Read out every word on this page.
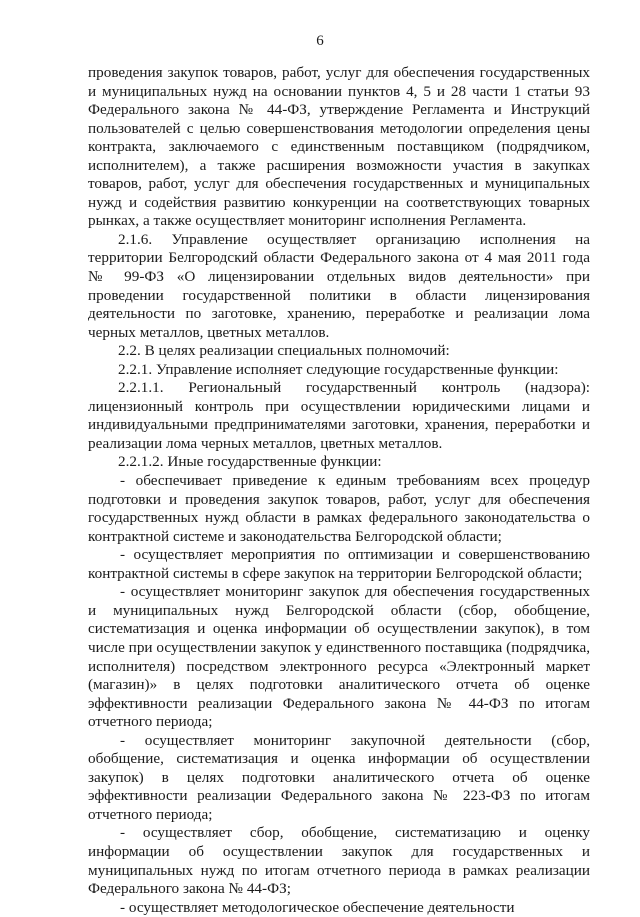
6

проведения закупок товаров, работ, услуг для обеспечения государственных и муниципальных нужд на основании пунктов 4, 5 и 28 части 1 статьи 93 Федерального закона № 44-ФЗ, утверждение Регламента и Инструкций пользователей с целью совершенствования методологии определения цены контракта, заключаемого с единственным поставщиком (подрядчиком, исполнителем), а также расширения возможности участия в закупках товаров, работ, услуг для обеспечения государственных и муниципальных нужд и содействия развитию конкуренции на соответствующих товарных рынках, а также осуществляет мониторинг исполнения Регламента.

2.1.6. Управление осуществляет организацию исполнения на территории Белгородский области Федерального закона от 4 мая 2011 года № 99-ФЗ «О лицензировании отдельных видов деятельности» при проведении государственной политики в области лицензирования деятельности по заготовке, хранению, переработке и реализации лома черных металлов, цветных металлов.

2.2. В целях реализации специальных полномочий:

2.2.1. Управление исполняет следующие государственные функции:

2.2.1.1. Региональный государственный контроль (надзора): лицензионный контроль при осуществлении юридическими лицами и индивидуальными предпринимателями заготовки, хранения, переработки и реализации лома черных металлов, цветных металлов.

2.2.1.2. Иные государственные функции:

- обеспечивает приведение к единым требованиям всех процедур подготовки и проведения закупок товаров, работ, услуг для обеспечения государственных нужд области в рамках федерального законодательства о контрактной системе и законодательства Белгородской области;

- осуществляет мероприятия по оптимизации и совершенствованию контрактной системы в сфере закупок на территории Белгородской области;

- осуществляет мониторинг закупок для обеспечения государственных и муниципальных нужд Белгородской области (сбор, обобщение, систематизация и оценка информации об осуществлении закупок), в том числе при осуществлении закупок у единственного поставщика (подрядчика, исполнителя) посредством электронного ресурса «Электронный маркет (магазин)» в целях подготовки аналитического отчета об оценке эффективности реализации Федерального закона № 44-ФЗ по итогам отчетного периода;

- осуществляет мониторинг закупочной деятельности (сбор, обобщение, систематизация и оценка информации об осуществлении закупок) в целях подготовки аналитического отчета об оценке эффективности реализации Федерального закона № 223-ФЗ по итогам отчетного периода;

- осуществляет сбор, обобщение, систематизацию и оценку информации об осуществлении закупок для государственных и муниципальных нужд по итогам отчетного периода в рамках реализации Федерального закона № 44-ФЗ;

- осуществляет методологическое обеспечение деятельности
